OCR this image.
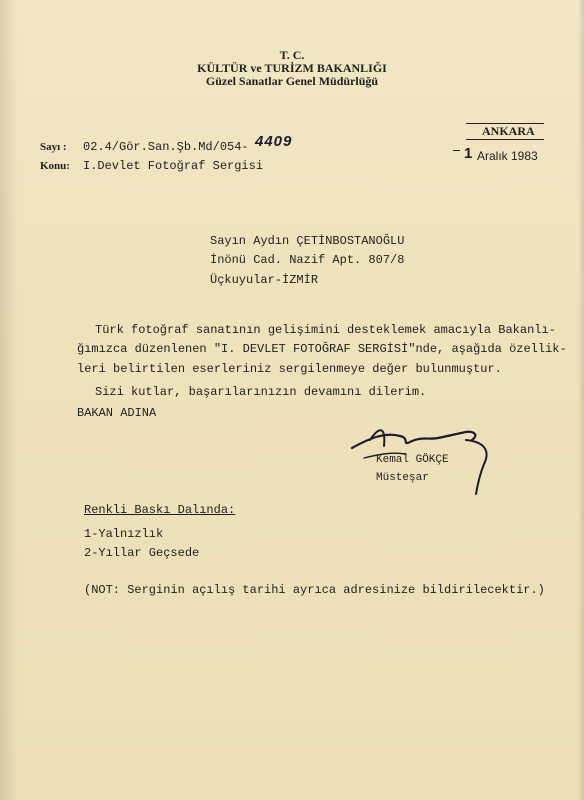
T. C.
KÜLTÜR ve TURİZM BAKANLIĞI
Güzel Sanatlar Genel Müdürlüğü
ANKARA
Sayı : 02.4/Gör.San.Şb.Md/054- 4409
Konu: I.Devlet Fotoğraf Sergisi
1 Aralık 1983
Sayın Aydın ÇETİNBOSTANOĞLU
İnönü Cad. Nazif Apt. 807/8
Üçkuyular-İZMİR
Türk fotoğraf sanatının gelişimini desteklemek amacıyla Bakanlı-
ğımızca düzenlenen "I. DEVLET FOTOĞRAF SERGİSİ"nde, aşağıda özellik-
leri belirtilen eserleriniz sergilenmeye değer bulunmuştur.
Sizi kutlar, başarılarınızın devamını dilerim.
BAKAN ADINA
Kemal GÖKÇE
Müsteşar
Renkli Baskı Dalında:
1-Yalnızlık
2-Yıllar Geçsede
(NOT: Serginin açılış tarihi ayrıca adresinize bildirilecektir.)
